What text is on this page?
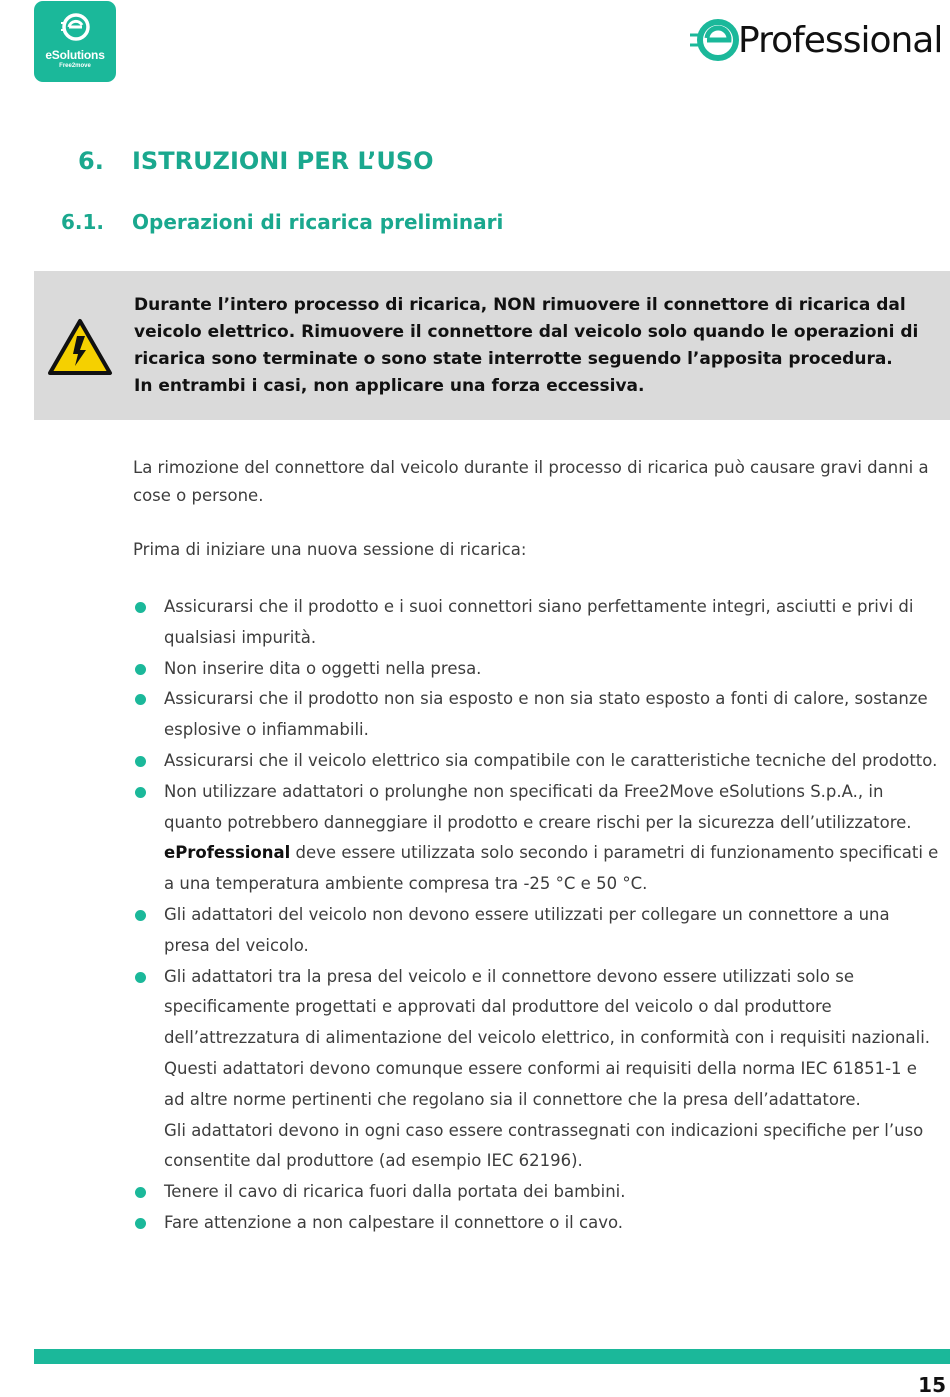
eSolutions
Free2move
Professional
6. ISTRUZIONI PER L’USO
6.1. Operazioni di ricarica preliminari
Durante l’intero processo di ricarica, NON rimuovere il connettore di ricarica dal
veicolo elettrico. Rimuovere il connettore dal veicolo solo quando le operazioni di
ricarica sono terminate o sono state interrotte seguendo l’apposita procedura.
In entrambi i casi, non applicare una forza eccessiva.
La rimozione del connettore dal veicolo durante il processo di ricarica può causare gravi danni a
cose o persone.
Prima di iniziare una nuova sessione di ricarica:
Assicurarsi che il prodotto e i suoi connettori siano perfettamente integri, asciutti e privi di
qualsiasi impurità.
Non inserire dita o oggetti nella presa.
Assicurarsi che il prodotto non sia esposto e non sia stato esposto a fonti di calore, sostanze
esplosive o infiammabili.
Assicurarsi che il veicolo elettrico sia compatibile con le caratteristiche tecniche del prodotto.
Non utilizzare adattatori o prolunghe non specificati da Free2Move eSolutions S.p.A., in
quanto potrebbero danneggiare il prodotto e creare rischi per la sicurezza dell’utilizzatore.
eProfessional deve essere utilizzata solo secondo i parametri di funzionamento specificati e
a una temperatura ambiente compresa tra -25 °C e 50 °C.
Gli adattatori del veicolo non devono essere utilizzati per collegare un connettore a una
presa del veicolo.
Gli adattatori tra la presa del veicolo e il connettore devono essere utilizzati solo se
specificamente progettati e approvati dal produttore del veicolo o dal produttore
dell’attrezzatura di alimentazione del veicolo elettrico, in conformità con i requisiti nazionali.
Questi adattatori devono comunque essere conformi ai requisiti della norma IEC 61851-1 e
ad altre norme pertinenti che regolano sia il connettore che la presa dell’adattatore.
Gli adattatori devono in ogni caso essere contrassegnati con indicazioni specifiche per l’uso
consentite dal produttore (ad esempio IEC 62196).
Tenere il cavo di ricarica fuori dalla portata dei bambini.
Fare attenzione a non calpestare il connettore o il cavo.
15
